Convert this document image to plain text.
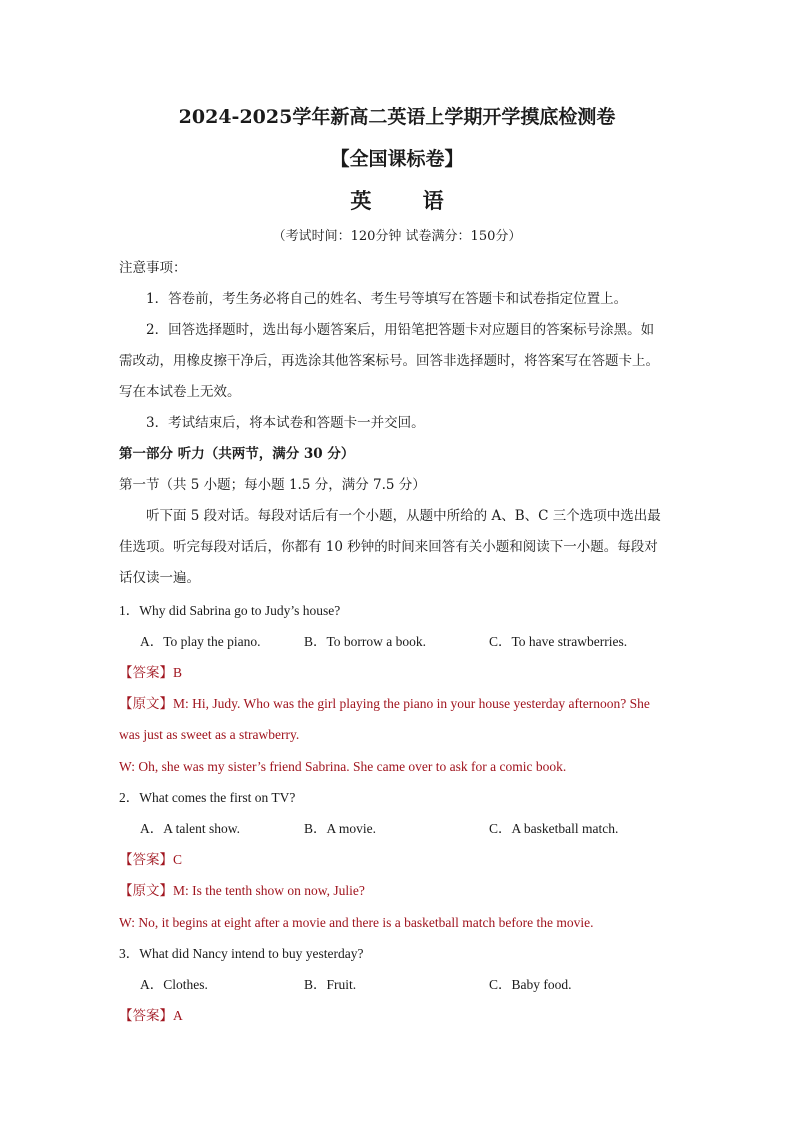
2024-2025学年新高二英语上学期开学摸底检测卷
【全国课标卷】
英 语
（考试时间：120分钟 试卷满分：150分）
注意事项：
1．答卷前，考生务必将自己的姓名、考生号等填写在答题卡和试卷指定位置上。
2．回答选择题时，选出每小题答案后，用铅笔把答题卡对应题目的答案标号涂黑。如
需改动，用橡皮擦干净后，再选涂其他答案标号。回答非选择题时，将答案写在答题卡上。
写在本试卷上无效。
3．考试结束后，将本试卷和答题卡一并交回。
第一部分 听力（共两节，满分 30 分）
第一节（共 5 小题；每小题 1.5 分，满分 7.5 分）
听下面 5 段对话。每段对话后有一个小题，从题中所给的 A、B、C 三个选项中选出最
佳选项。听完每段对话后，你都有 10 秒钟的时间来回答有关小题和阅读下一小题。每段对
话仅读一遍。
1．Why did Sabrina go to Judy’s house?
A．To play the piano.	B．To borrow a book.	C．To have strawberries.
【答案】B
【原文】M: Hi, Judy. Who was the girl playing the piano in your house yesterday afternoon? She
was just as sweet as a strawberry.
W: Oh, she was my sister’s friend Sabrina. She came over to ask for a comic book.
2．What comes the first on TV?
A．A talent show.	B．A movie.	C．A basketball match.
【答案】C
【原文】M: Is the tenth show on now, Julie?
W: No, it begins at eight after a movie and there is a basketball match before the movie.
3．What did Nancy intend to buy yesterday?
A．Clothes.	B．Fruit.	C．Baby food.
【答案】A
